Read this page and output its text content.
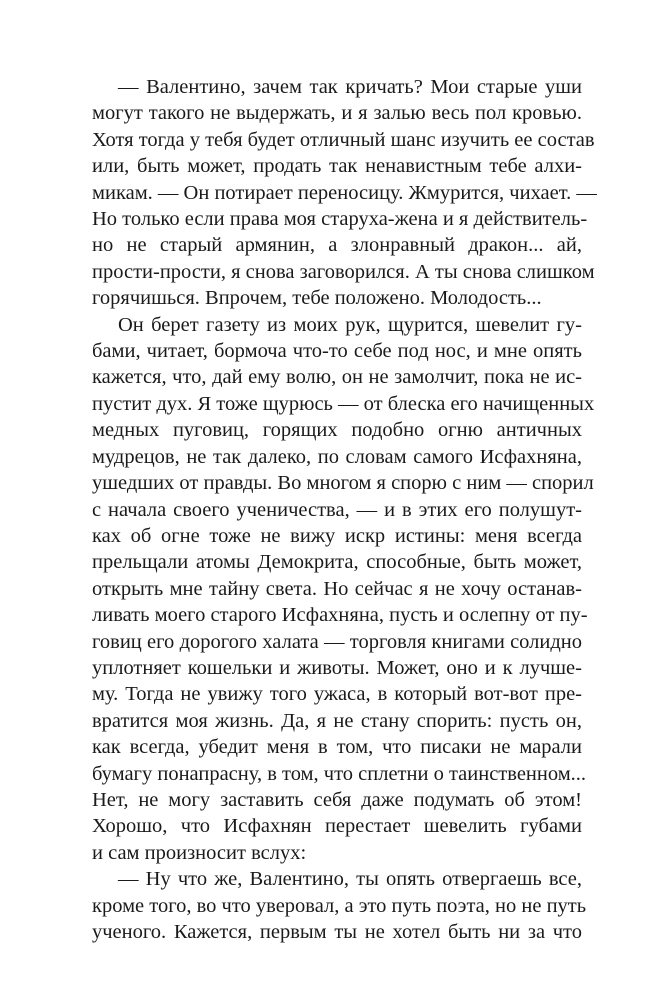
— Валентино, зачем так кричать? Мои старые уши
могут такого не выдержать, и я залью весь пол кровью.
Хотя тогда у тебя будет отличный шанс изучить ее состав
или, быть может, продать так ненавистным тебе алхи-
микам. — Он потирает переносицу. Жмурится, чихает. —
Но только если права моя старуха-жена и я действитель-
но не старый армянин, а злонравный дракон... ай,
прости-прости, я снова заговорился. А ты снова слишком
горячишься. Впрочем, тебе положено. Молодость...
Он берет газету из моих рук, щурится, шевелит гу-
бами, читает, бормоча что-то себе под нос, и мне опять
кажется, что, дай ему волю, он не замолчит, пока не ис-
пустит дух. Я тоже щурюсь — от блеска его начищенных
медных пуговиц, горящих подобно огню античных
мудрецов, не так далеко, по словам самого Исфахняна,
ушедших от правды. Во многом я спорю с ним — спорил
с начала своего ученичества, — и в этих его полушут-
ках об огне тоже не вижу искр истины: меня всегда
прельщали атомы Демокрита, способные, быть может,
открыть мне тайну света. Но сейчас я не хочу останав-
ливать моего старого Исфахняна, пусть и ослепну от пу-
говиц его дорогого халата — торговля книгами солидно
уплотняет кошельки и животы. Может, оно и к лучше-
му. Тогда не увижу того ужаса, в который вот-вот пре-
вратится моя жизнь. Да, я не стану спорить: пусть он,
как всегда, убедит меня в том, что писаки не марали
бумагу понапрасну, в том, что сплетни о таинственном...
Нет, не могу заставить себя даже подумать об этом!
Хорошо, что Исфахнян перестает шевелить губами
и сам произносит вслух:
— Ну что же, Валентино, ты опять отвергаешь все,
кроме того, во что уверовал, а это путь поэта, но не путь
ученого. Кажется, первым ты не хотел быть ни за что
